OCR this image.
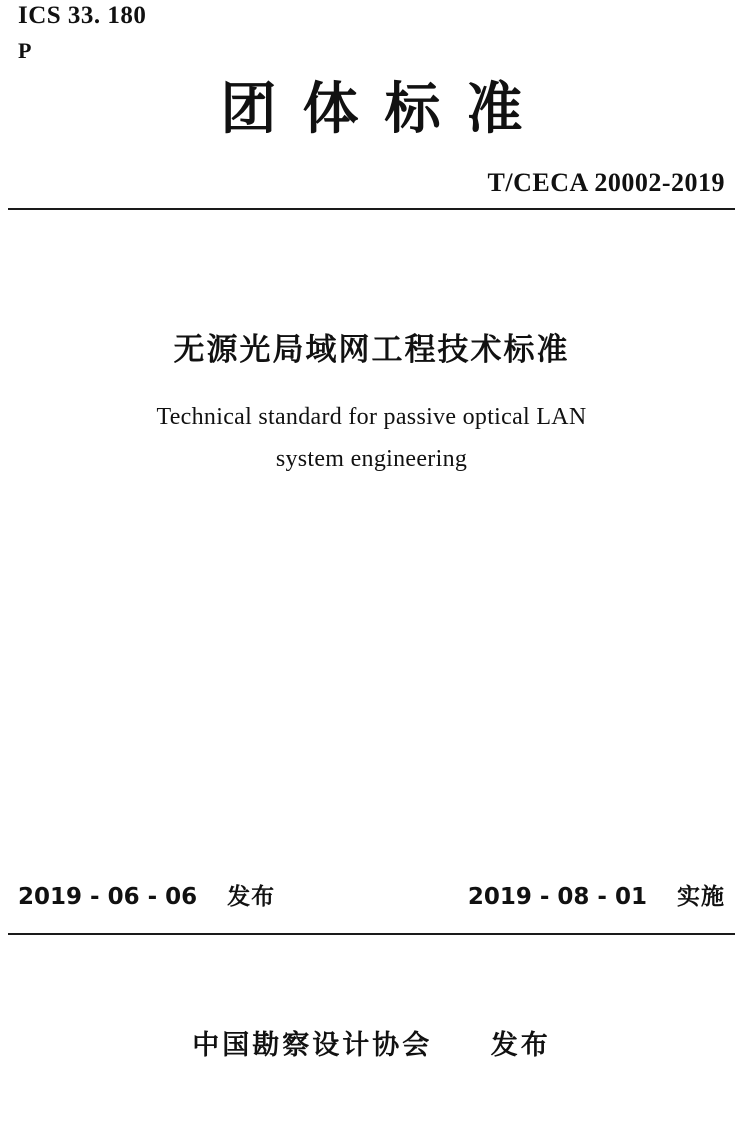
ICS 33. 180
P
团体标准
T/CECA 20002-2019
无源光局域网工程技术标准
Technical standard for passive optical LAN
system engineering
2019 - 06 - 06 发布	2019 - 08 - 01 实施
中国勘察设计协会 发布
